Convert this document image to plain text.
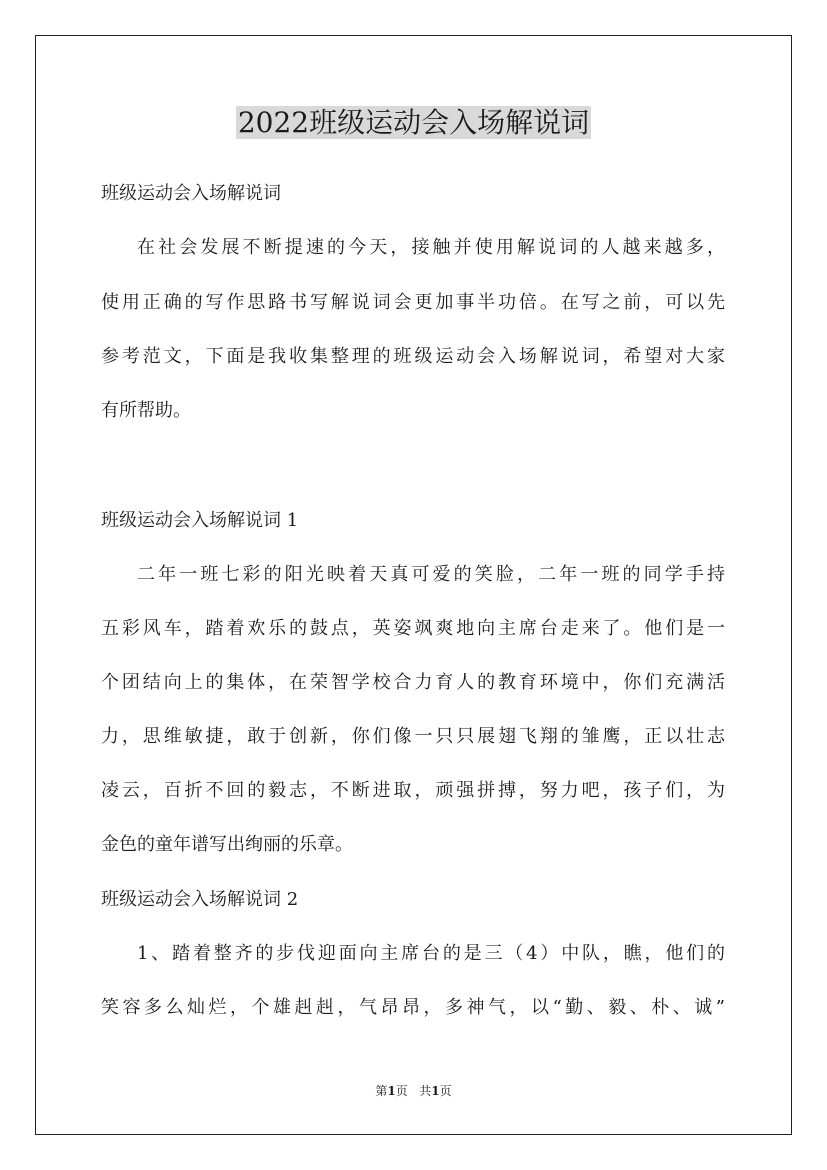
2022班级运动会入场解说词
班级运动会入场解说词
在社会发展不断提速的今天，接触并使用解说词的人越来越多，
使用正确的写作思路书写解说词会更加事半功倍。在写之前，可以先
参考范文，下面是我收集整理的班级运动会入场解说词，希望对大家
有所帮助。
班级运动会入场解说词 1
二年一班七彩的阳光映着天真可爱的笑脸，二年一班的同学手持
五彩风车，踏着欢乐的鼓点，英姿飒爽地向主席台走来了。他们是一
个团结向上的集体，在荣智学校合力育人的教育环境中，你们充满活
力，思维敏捷，敢于创新，你们像一只只展翅飞翔的雏鹰，正以壮志
凌云，百折不回的毅志，不断进取，顽强拼搏，努力吧，孩子们，为
金色的童年谱写出绚丽的乐章。
班级运动会入场解说词 2
1、踏着整齐的步伐迎面向主席台的是三（4）中队，瞧，他们的
笑容多么灿烂，个雄赳赳，气昂昂，多神气，以“勤、毅、朴、诚”
第1页   共1页
